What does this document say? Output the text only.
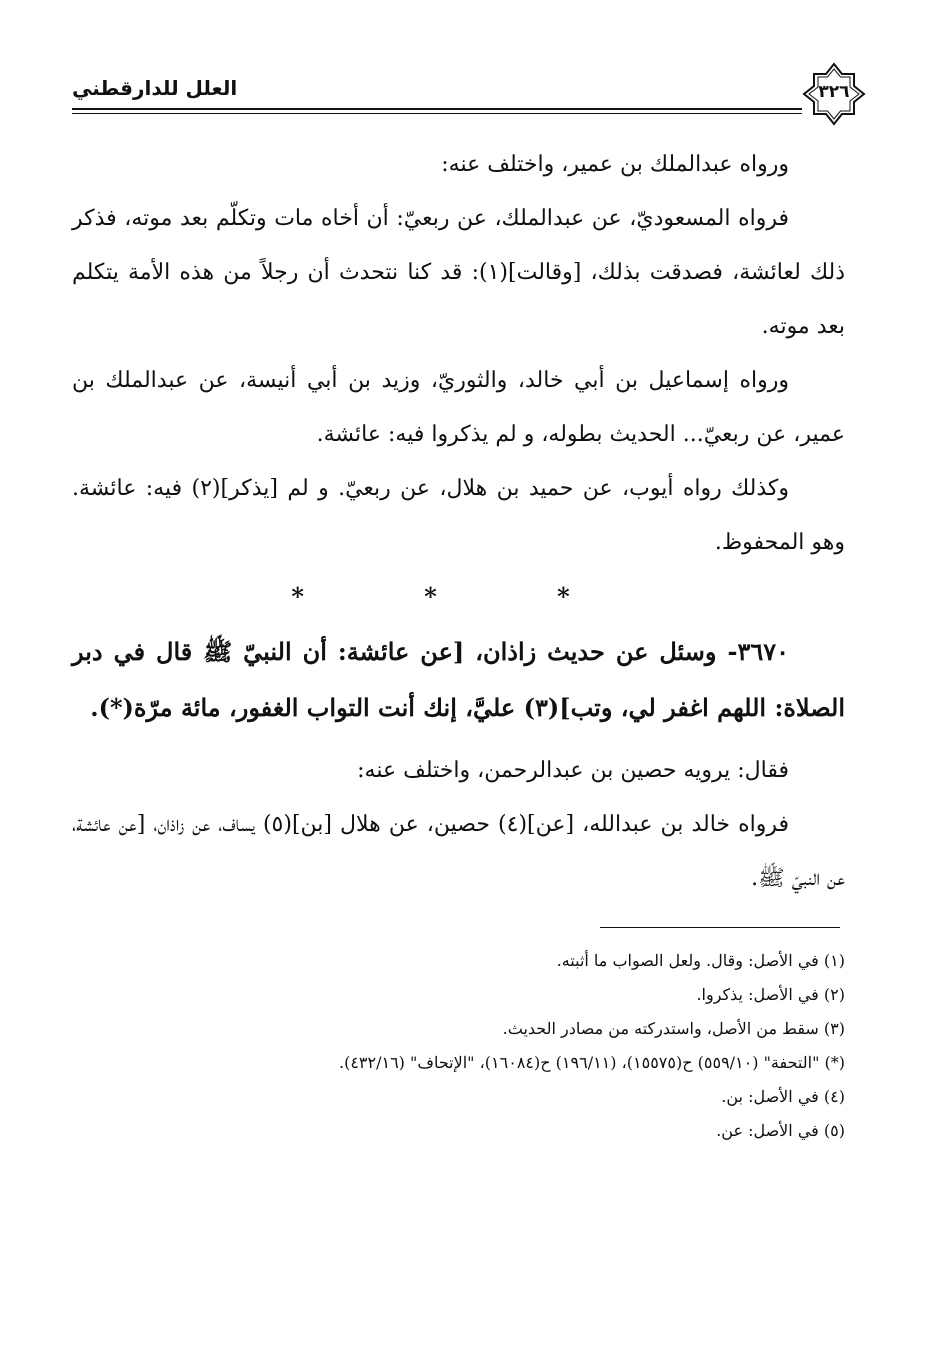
العلل للدارقطني	٣٢٦

ورواه عبدالملك بن عمير، واختلف عنه:

فرواه المسعوديّ، عن عبدالملك، عن ربعيّ: أن أخاه مات وتكلّم بعد موته، فذكر ذلك لعائشة، فصدقت بذلك، [وقالت](١): قد كنا نتحدث أن رجلاً من هذه الأمة يتكلم بعد موته.

ورواه إسماعيل بن أبي خالد، والثوريّ، وزيد بن أبي أنيسة، عن عبدالملك بن عمير، عن ربعيّ... الحديث بطوله، و لم يذكروا فيه: عائشة.

وكذلك رواه أيوب، عن حميد بن هلال، عن ربعيّ. و لم [يذكر](٢) فيه: عائشة. وهو المحفوظ.

* * *

٣٦٧٠- وسئل عن حديث زاذان، [عن عائشة: أن النبيّ ﷺ قال في دبر الصلاة: اللهم اغفر لي، وتب](٣) عليَّ، إنك أنت التواب الغفور، مائة مرّة(*).

فقال: يرويه حصين بن عبدالرحمن، واختلف عنه:

فرواه خالد بن عبدالله، [عن](٤) حصين، عن هلال [بن](٥) يساف، عن زاذان، [عن عائشة، عن النبيّ ﷺ.

(١) في الأصل: وقال. ولعل الصواب ما أثبته.

(٢) في الأصل: يذكروا.

(٣) سقط من الأصل، واستدركته من مصادر الحديث.

(*) "التحفة" (٥٥٩/١٠) ح(١٥٥٧٥)، (١٩٦/١١) ح(١٦٠٨٤)، "الإتحاف" (٤٣٢/١٦).

(٤) في الأصل: بن.

(٥) في الأصل: عن.
